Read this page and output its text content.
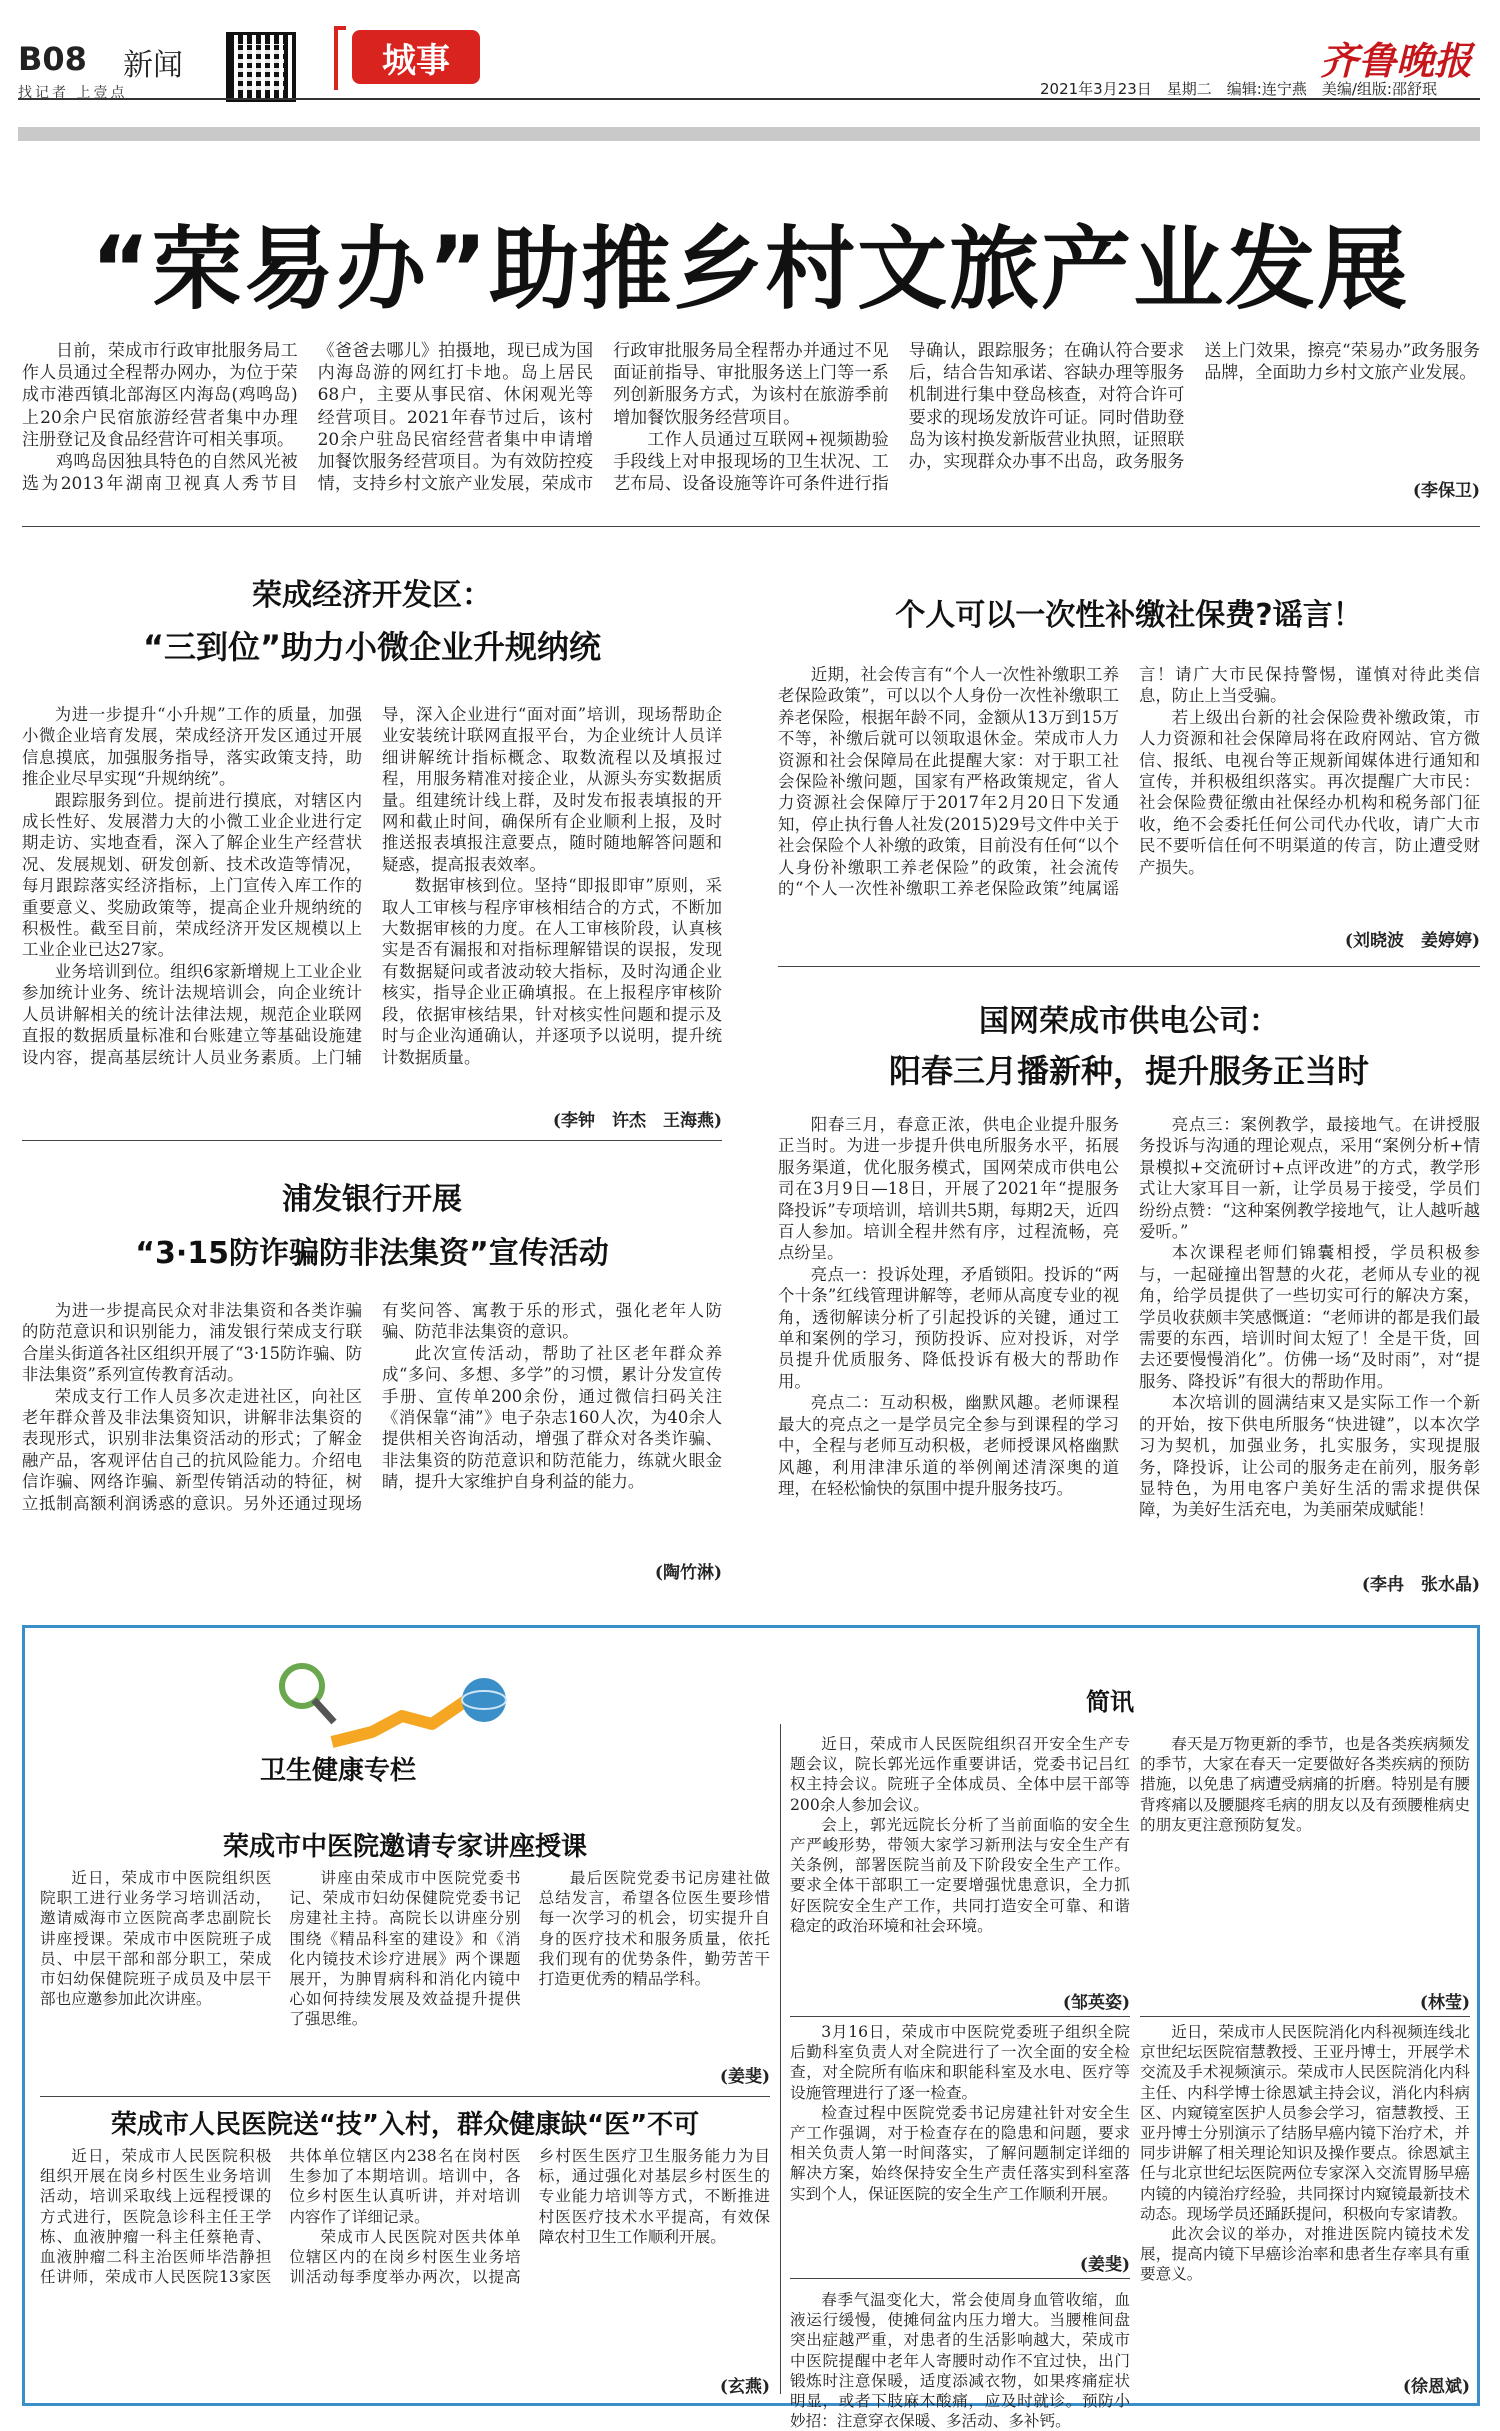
B08 新闻
找记者 上壹点
城事	齐鲁晚报
2021年3月23日　星期二　编辑:连宁燕　美编/组版:邵舒珉
“荣易办”助推乡村文旅产业发展

日前，荣成市行政审批服务局工作人员通过全程帮办网办，为位于荣成市港西镇北部海区内海岛(鸡鸣岛)上20余户民宿旅游经营者集中办理注册登记及食品经营许可相关事项。

鸡鸣岛因独具特色的自然风光被选为2013年湖南卫视真人秀节目《爸爸去哪儿》拍摄地，现已成为国内海岛游的网红打卡地。岛上居民68户，主要从事民宿、休闲观光等经营项目。2021年春节过后，该村20余户驻岛民宿经营者集中申请增加餐饮服务经营项目。为有效防控疫情，支持乡村文旅产业发展，荣成市行政审批服务局全程帮办并通过不见面证前指导、审批服务送上门等一系列创新服务方式，为该村在旅游季前增加餐饮服务经营项目。

工作人员通过互联网+视频勘验手段线上对申报现场的卫生状况、工艺布局、设备设施等许可条件进行指导确认，跟踪服务；在确认符合要求后，结合告知承诺、容缺办理等服务机制进行集中登岛核查，对符合许可要求的现场发放许可证。同时借助登岛为该村换发新版营业执照，证照联办，实现群众办事不出岛，政务服务送上门效果，擦亮“荣易办”政务服务品牌，全面助力乡村文旅产业发展。

(李保卫)
荣成经济开发区：
“三到位”助力小微企业升规纳统

为进一步提升“小升规”工作的质量，加强小微企业培育发展，荣成经济开发区通过开展信息摸底，加强服务指导，落实政策支持，助推企业尽早实现“升规纳统”。

跟踪服务到位。提前进行摸底，对辖区内成长性好、发展潜力大的小微工业企业进行定期走访、实地查看，深入了解企业生产经营状况、发展规划、研发创新、技术改造等情况，每月跟踪落实经济指标，上门宣传入库工作的重要意义、奖励政策等，提高企业升规纳统的积极性。截至目前，荣成经济开发区规模以上工业企业已达27家。

业务培训到位。组织6家新增规上工业企业参加统计业务、统计法规培训会，向企业统计人员讲解相关的统计法律法规，规范企业联网直报的数据质量标准和台账建立等基础设施建设内容，提高基层统计人员业务素质。上门辅导，深入企业进行“面对面”培训，现场帮助企业安装统计联网直报平台，为企业统计人员详细讲解统计指标概念、取数流程以及填报过程，用服务精准对接企业，从源头夯实数据质量。组建统计线上群，及时发布报表填报的开网和截止时间，确保所有企业顺利上报，及时推送报表填报注意要点，随时随地解答问题和疑惑，提高报表效率。

数据审核到位。坚持“即报即审”原则，采取人工审核与程序审核相结合的方式，不断加大数据审核的力度。在人工审核阶段，认真核实是否有漏报和对指标理解错误的误报，发现有数据疑问或者波动较大指标，及时沟通企业核实，指导企业正确填报。在上报程序审核阶段，依据审核结果，针对核实性问题和提示及时与企业沟通确认，并逐项予以说明，提升统计数据质量。

(李钟　许杰　王海燕)
个人可以一次性补缴社保费?谣言！

近期，社会传言有“个人一次性补缴职工养老保险政策”，可以以个人身份一次性补缴职工养老保险，根据年龄不同，金额从13万到15万不等，补缴后就可以领取退休金。荣成市人力资源和社会保障局在此提醒大家：对于职工社会保险补缴问题，国家有严格政策规定，省人力资源社会保障厅于2017年2月20日下发通知，停止执行鲁人社发(2015)29号文件中关于社会保险个人补缴的政策，目前没有任何“以个人身份补缴职工养老保险”的政策，社会流传的“个人一次性补缴职工养老保险政策”纯属谣言！请广大市民保持警惕，谨慎对待此类信息，防止上当受骗。

若上级出台新的社会保险费补缴政策，市人力资源和社会保障局将在政府网站、官方微信、报纸、电视台等正规新闻媒体进行通知和宣传，并积极组织落实。再次提醒广大市民：社会保险费征缴由社保经办机构和税务部门征收，绝不会委托任何公司代办代收，请广大市民不要听信任何不明渠道的传言，防止遭受财产损失。

(刘晓波　姜婷婷)
浦发银行开展
“3·15防诈骗防非法集资”宣传活动

为进一步提高民众对非法集资和各类诈骗的防范意识和识别能力，浦发银行荣成支行联合崖头街道各社区组织开展了“3·15防诈骗、防非法集资”系列宣传教育活动。

荣成支行工作人员多次走进社区，向社区老年群众普及非法集资知识，讲解非法集资的表现形式，识别非法集资活动的形式；了解金融产品，客观评估自己的抗风险能力。介绍电信诈骗、网络诈骗、新型传销活动的特征，树立抵制高额利润诱惑的意识。另外还通过现场有奖问答、寓教于乐的形式，强化老年人防骗、防范非法集资的意识。

此次宣传活动，帮助了社区老年群众养成“多问、多想、多学”的习惯，累计分发宣传手册、宣传单200余份，通过微信扫码关注《消保靠“浦”》电子杂志160人次，为40余人提供相关咨询活动，增强了群众对各类诈骗、非法集资的防范意识和防范能力，练就火眼金睛，提升大家维护自身利益的能力。

(陶竹淋)
国网荣成市供电公司：
阳春三月播新种，提升服务正当时

阳春三月，春意正浓，供电企业提升服务正当时。为进一步提升供电所服务水平，拓展服务渠道，优化服务模式，国网荣成市供电公司在3月9日—18日，开展了2021年“提服务　降投诉”专项培训，培训共5期，每期2天，近四百人参加。培训全程井然有序，过程流畅，亮点纷呈。

亮点一：投诉处理，矛盾锁阳。投诉的“两个十条”红线管理讲解等，老师从高度专业的视角，透彻解读分析了引起投诉的关键，通过工单和案例的学习，预防投诉、应对投诉，对学员提升优质服务、降低投诉有极大的帮助作用。

亮点二：互动积极，幽默风趣。老师课程最大的亮点之一是学员完全参与到课程的学习中，全程与老师互动积极，老师授课风格幽默风趣，利用津津乐道的举例阐述清深奥的道理，在轻松愉快的氛围中提升服务技巧。

亮点三：案例教学，最接地气。在讲授服务投诉与沟通的理论观点，采用“案例分析+情景模拟+交流研讨+点评改进”的方式，教学形式让大家耳目一新，让学员易于接受，学员们纷纷点赞：“这种案例教学接地气，让人越听越爱听。”

本次课程老师们锦囊相授，学员积极参与，一起碰撞出智慧的火花，老师从专业的视角，给学员提供了一些切实可行的解决方案，学员收获颇丰笑感慨道：“老师讲的都是我们最需要的东西，培训时间太短了！全是干货，回去还要慢慢消化”。仿佛一场“及时雨”，对“提服务、降投诉”有很大的帮助作用。

本次培训的圆满结束又是实际工作一个新的开始，按下供电所服务“快进键”，以本次学习为契机，加强业务，扎实服务，实现提服务，降投诉，让公司的服务走在前列，服务彰显特色，为用电客户美好生活的需求提供保障，为美好生活充电，为美丽荣成赋能！

(李冉　张水晶)
卫生健康专栏
简讯
荣成市中医院邀请专家讲座授课

近日，荣成市中医院组织医院职工进行业务学习培训活动，邀请威海市立医院高孝忠副院长讲座授课。荣成市中医院班子成员、中层干部和部分职工，荣成市妇幼保健院班子成员及中层干部也应邀参加此次讲座。

讲座由荣成市中医院党委书记、荣成市妇幼保健院党委书记房建社主持。高院长以讲座分别围绕《精品科室的建设》和《消化内镜技术诊疗进展》两个课题展开，为胂胃病科和消化内镜中心如何持续发展及效益提升提供了强思维。

最后医院党委书记房建社做总结发言，希望各位医生要珍惜每一次学习的机会，切实提升自身的医疗技术和服务质量，依托我们现有的优势条件，勤劳苦干打造更优秀的精品学科。

(姜斐)
荣成市人民医院送“技”入村，群众健康缺“医”不可

近日，荣成市人民医院积极组织开展在岗乡村医生业务培训活动，培训采取线上远程授课的方式进行，医院急诊科主任王学栋、血液肿瘤一科主任蔡艳青、血液肿瘤二科主治医师毕浩静担任讲师，荣成市人民医院13家医共体单位辖区内238名在岗村医生参加了本期培训。培训中，各位乡村医生认真听讲，并对培训内容作了详细记录。

荣成市人民医院对医共体单位辖区内的在岗乡村医生业务培训活动每季度举办两次，以提高乡村医生医疗卫生服务能力为目标，通过强化对基层乡村医生的专业能力培训等方式，不断推进村医医疗技术水平提高，有效保障农村卫生工作顺利开展。

(玄燕)

近日，荣成市人民医院组织召开安全生产专题会议，院长郭光远作重要讲话，党委书记吕红权主持会议。院班子全体成员、全体中层干部等200余人参加会议。

会上，郭光远院长分析了当前面临的安全生产严峻形势，带领大家学习新刑法与安全生产有关条例，部署医院当前及下阶段安全生产工作。要求全体干部职工一定要增强忧患意识，全力抓好医院安全生产工作，共同打造安全可靠、和谐稳定的政治环境和社会环境。

(邹英姿)

3月16日，荣成市中医院党委班子组织全院后勤科室负责人对全院进行了一次全面的安全检查，对全院所有临床和职能科室及水电、医疗等设施管理进行了逐一检查。

检查过程中医院党委书记房建社针对安全生产工作强调，对于检查存在的隐患和问题，要求相关负责人第一时间落实，了解问题制定详细的解决方案，始终保持安全生产责任落实到科室落实到个人，保证医院的安全生产工作顺利开展。

(姜斐)

春天是万物更新的季节，也是各类疾病频发的季节，大家在春天一定要做好各类疾病的预防措施，以免患了病遭受病痛的折磨。特别是有腰背疼痛以及腰腿疼毛病的朋友以及有颈腰椎病史的朋友更注意预防复发。

(林莹)

近日，荣成市人民医院消化内科视频连线北京世纪坛医院宿慧教授、王亚丹博士，开展学术交流及手术视频演示。荣成市人民医院消化内科主任、内科学博士徐恩斌主持会议，消化内科病区、内窥镜室医护人员参会学习，宿慧教授、王亚丹博士分别演示了结肠早癌内镜下治疗术，并同步讲解了相关理论知识及操作要点。徐恩斌主任与北京世纪坛医院两位专家深入交流胃肠早癌内镜的内镜治疗经验，共同探讨内窥镜最新技术动态。现场学员还踊跃提问，积极向专家请教。

此次会议的举办，对推进医院内镜技术发展，提高内镜下早癌诊治率和患者生存率具有重要意义。

(徐恩斌)

春季气温变化大，常会使周身血管收缩，血液运行缓慢，使摊伺盆内压力增大。当腰椎间盘突出症越严重，对患者的生活影响越大，荣成市中医院提醒中老年人寄腰时动作不宜过快，出门锻炼时注意保暖，适度添减衣物，如果疼痛症状明显，或者下肢麻木酸痛，应及时就诊。预防小妙招：注意穿衣保暖、多活动、多补钙。
